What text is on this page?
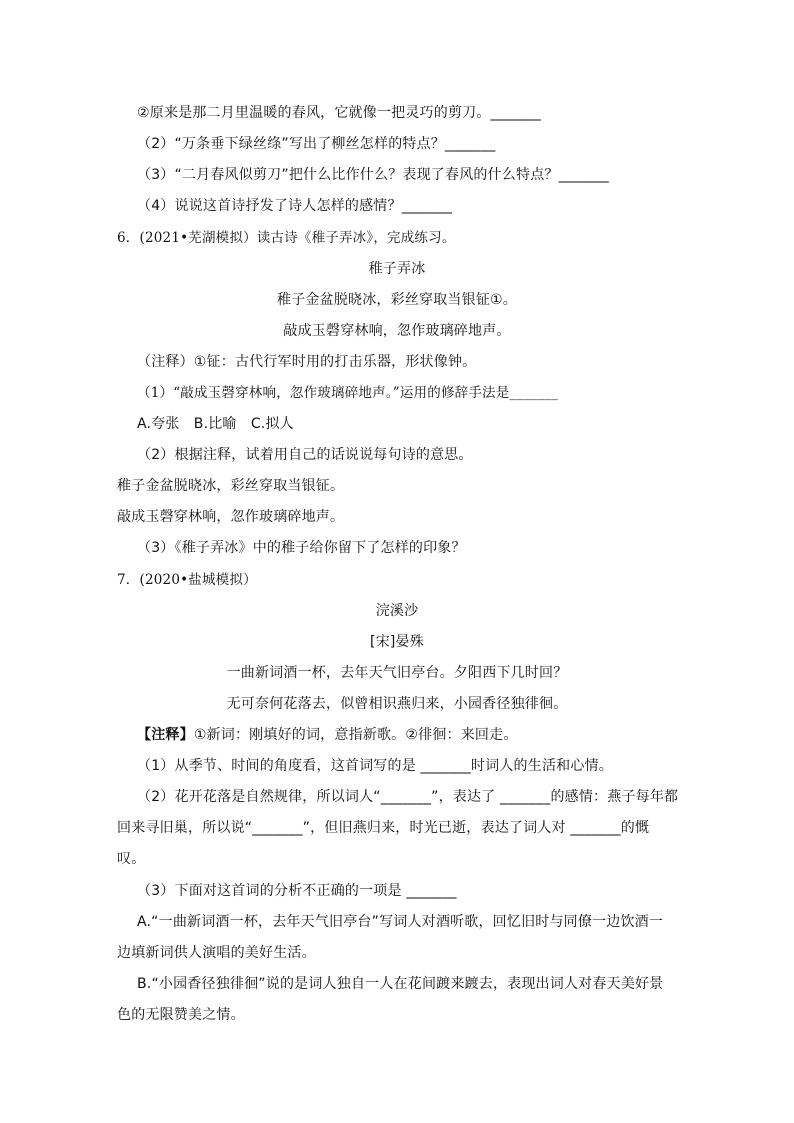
②原来是那二月里温暖的春风，它就像一把灵巧的剪刀。_______
（2）“万条垂下绿丝绦”写出了柳丝怎样的特点？_______
（3）“二月春风似剪刀”把什么比作什么？表现了春风的什么特点？_______
（4）说说这首诗抒发了诗人怎样的感情？_______
6．(2021•芜湖模拟）读古诗《稚子弄冰》，完成练习。
稚子弄冰
稚子金盆脱晓冰，彩丝穿取当银钲①。
敲成玉磬穿林响，忽作玻璃碎地声。
（注释）①钲：古代行军时用的打击乐器，形状像钟。
（1）“敲成玉磬穿林响，忽作玻璃碎地声。”运用的修辞手法是_______
A.夸张　B.比喻　C.拟人
（2）根据注释，试着用自己的话说说每句诗的意思。
稚子金盆脱晓冰，彩丝穿取当银钲。
敲成玉磬穿林响，忽作玻璃碎地声。
（3）《稚子弄冰》中的稚子给你留下了怎样的印象？
7．(2020•盐城模拟）
浣溪沙
[宋]晏殊
一曲新词酒一杯，去年天气旧亭台。夕阳西下几时回？
无可奈何花落去，似曾相识燕归来，小园香径独徘徊。
【注释】①新词：刚填好的词，意指新歌。②徘徊：来回走。
（1）从季节、时间的角度看，这首词写的是 _______时词人的生活和心情。
（2）花开花落是自然规律，所以词人“_______”，表达了 _______的感情：燕子每年都
回来寻旧巢，所以说“_______”，但旧燕归来，时光已逝，表达了词人对 _______的慨
叹。
（3）下面对这首词的分析不正确的一项是 _______
A.“一曲新词酒一杯，去年天气旧亭台”写词人对酒听歌，回忆旧时与同僚一边饮酒一
边填新词供人演唱的美好生活。
B.“小园香径独徘徊”说的是词人独自一人在花间踱来踱去，表现出词人对春天美好景
色的无限赞美之情。
